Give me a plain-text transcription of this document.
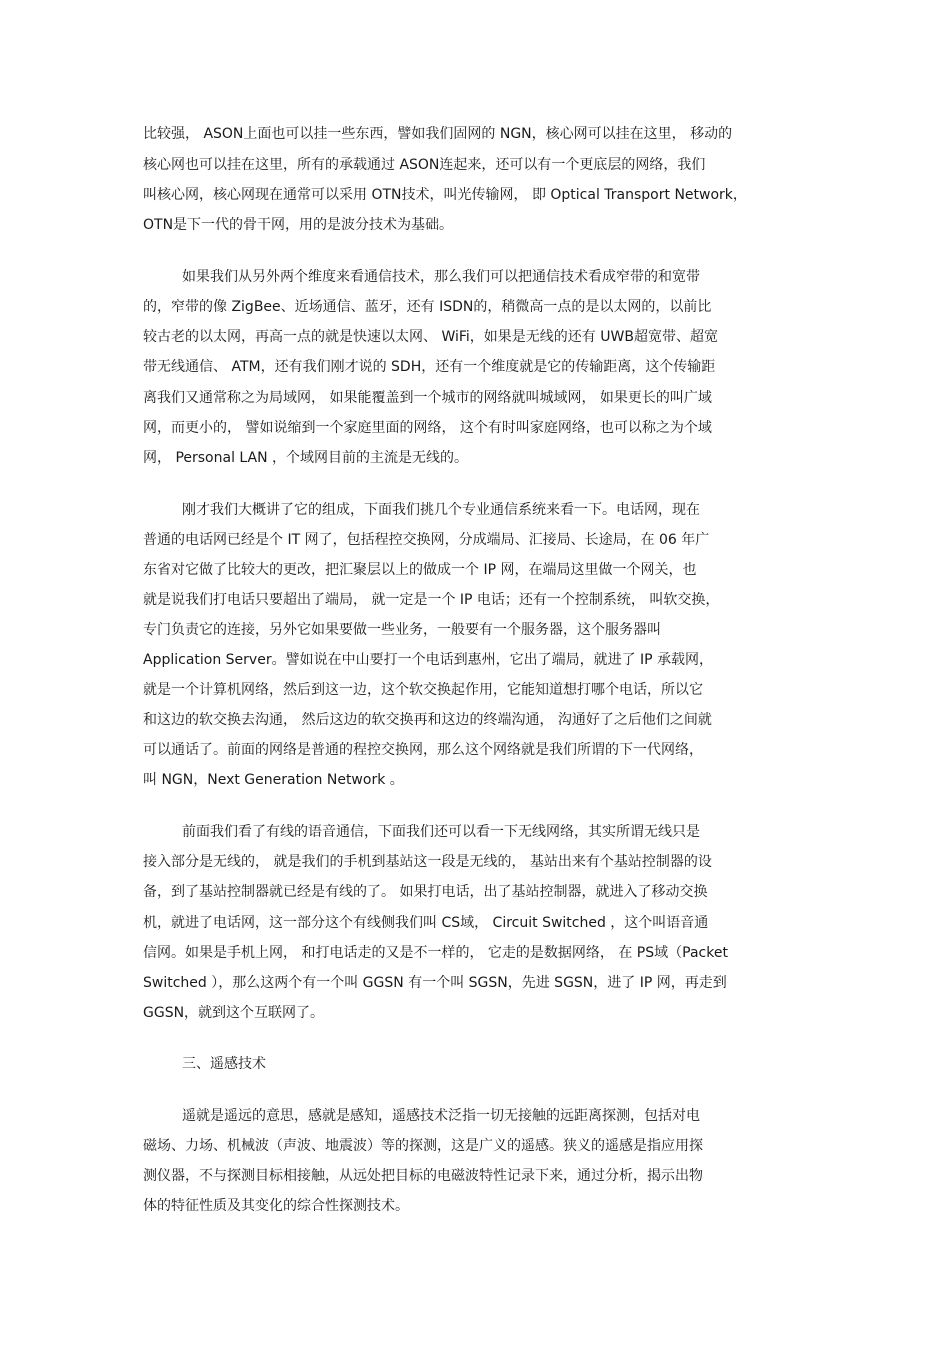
比较强， ASON上面也可以挂一些东西，譬如我们固网的 NGN，核心网可以挂在这里， 移动的
核心网也可以挂在这里，所有的承载通过 ASON连起来，还可以有一个更底层的网络，我们
叫核心网，核心网现在通常可以采用 OTN技术，叫光传输网， 即 Optical Transport Network，
OTN是下一代的骨干网，用的是波分技术为基础。
如果我们从另外两个维度来看通信技术，那么我们可以把通信技术看成窄带的和宽带
的，窄带的像 ZigBee、近场通信、蓝牙，还有 ISDN的，稍微高一点的是以太网的，以前比
较古老的以太网，再高一点的就是快速以太网、 WiFi，如果是无线的还有 UWB超宽带、超宽
带无线通信、 ATM，还有我们刚才说的 SDH，还有一个维度就是它的传输距离，这个传输距
离我们又通常称之为局域网， 如果能覆盖到一个城市的网络就叫城域网， 如果更长的叫广域
网，而更小的， 譬如说缩到一个家庭里面的网络， 这个有时叫家庭网络，也可以称之为个域
网， Personal LAN ，个域网目前的主流是无线的。
刚才我们大概讲了它的组成，下面我们挑几个专业通信系统来看一下。电话网，现在
普通的电话网已经是个 IT 网了，包括程控交换网，分成端局、汇接局、长途局，在 06 年广
东省对它做了比较大的更改，把汇聚层以上的做成一个 IP 网，在端局这里做一个网关，也
就是说我们打电话只要超出了端局， 就一定是一个 IP 电话；还有一个控制系统， 叫软交换，
专门负责它的连接，另外它如果要做一些业务，一般要有一个服务器，这个服务器叫
Application Server。譬如说在中山要打一个电话到惠州，它出了端局，就进了 IP 承载网，
就是一个计算机网络，然后到这一边，这个软交换起作用，它能知道想打哪个电话，所以它
和这边的软交换去沟通， 然后这边的软交换再和这边的终端沟通， 沟通好了之后他们之间就
可以通话了。前面的网络是普通的程控交换网，那么这个网络就是我们所谓的下一代网络，
叫 NGN，Next Generation Network 。
前面我们看了有线的语音通信，下面我们还可以看一下无线网络，其实所谓无线只是
接入部分是无线的， 就是我们的手机到基站这一段是无线的， 基站出来有个基站控制器的设
备，到了基站控制器就已经是有线的了。 如果打电话，出了基站控制器，就进入了移动交换
机，就进了电话网，这一部分这个有线侧我们叫 CS域， Circuit Switched ，这个叫语音通
信网。如果是手机上网， 和打电话走的又是不一样的， 它走的是数据网络， 在 PS域（Packet
Switched ），那么这两个有一个叫 GGSN 有一个叫 SGSN，先进 SGSN，进了 IP 网，再走到
GGSN，就到这个互联网了。
三、遥感技术
遥就是遥远的意思，感就是感知，遥感技术泛指一切无接触的远距离探测，包括对电
磁场、力场、机械波（声波、地震波）等的探测，这是广义的遥感。狭义的遥感是指应用探
测仪器，不与探测目标相接触，从远处把目标的电磁波特性记录下来，通过分析，揭示出物
体的特征性质及其变化的综合性探测技术。
